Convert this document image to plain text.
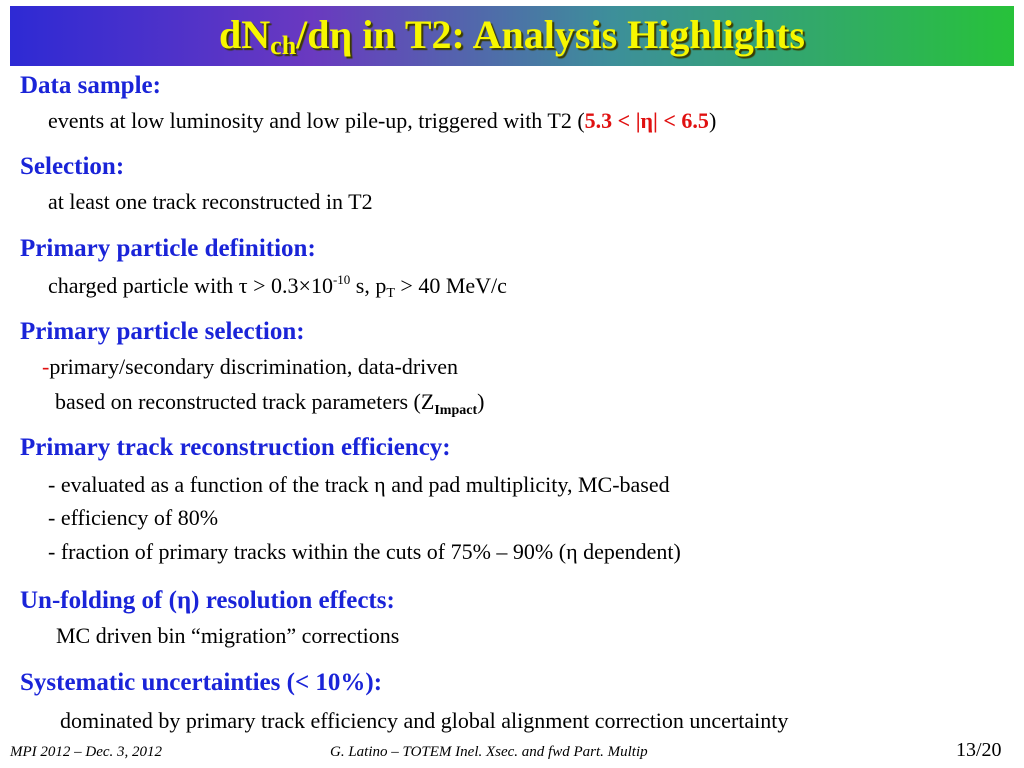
$dN_{ch}/d\eta$ in T2: Analysis Highlights
Data sample:
events at low luminosity and low pile-up, triggered with T2 (5.3 < |η| < 6.5)
Selection:
at least one track reconstructed in T2
Primary particle definition:
charged particle with $\tau > 0.3\times 10^{-10}$ s, $p_T > 40$ MeV/c
Primary particle selection:
-primary/secondary discrimination, data-driven
based on reconstructed track parameters $(Z_{Impact})$
Primary track reconstruction efficiency:
- evaluated as a function of the track η and pad multiplicity, MC-based
- efficiency of 80%
- fraction of primary tracks within the cuts of 75% – 90% (η dependent)
Un-folding of (η) resolution effects:
MC driven bin “migration” corrections
Systematic uncertainties (< 10%):
dominated by primary track efficiency and global alignment correction uncertainty
MPI 2012 – Dec. 3, 2012	G. Latino – TOTEM Inel. Xsec. and fwd Part. Multip	13/20
